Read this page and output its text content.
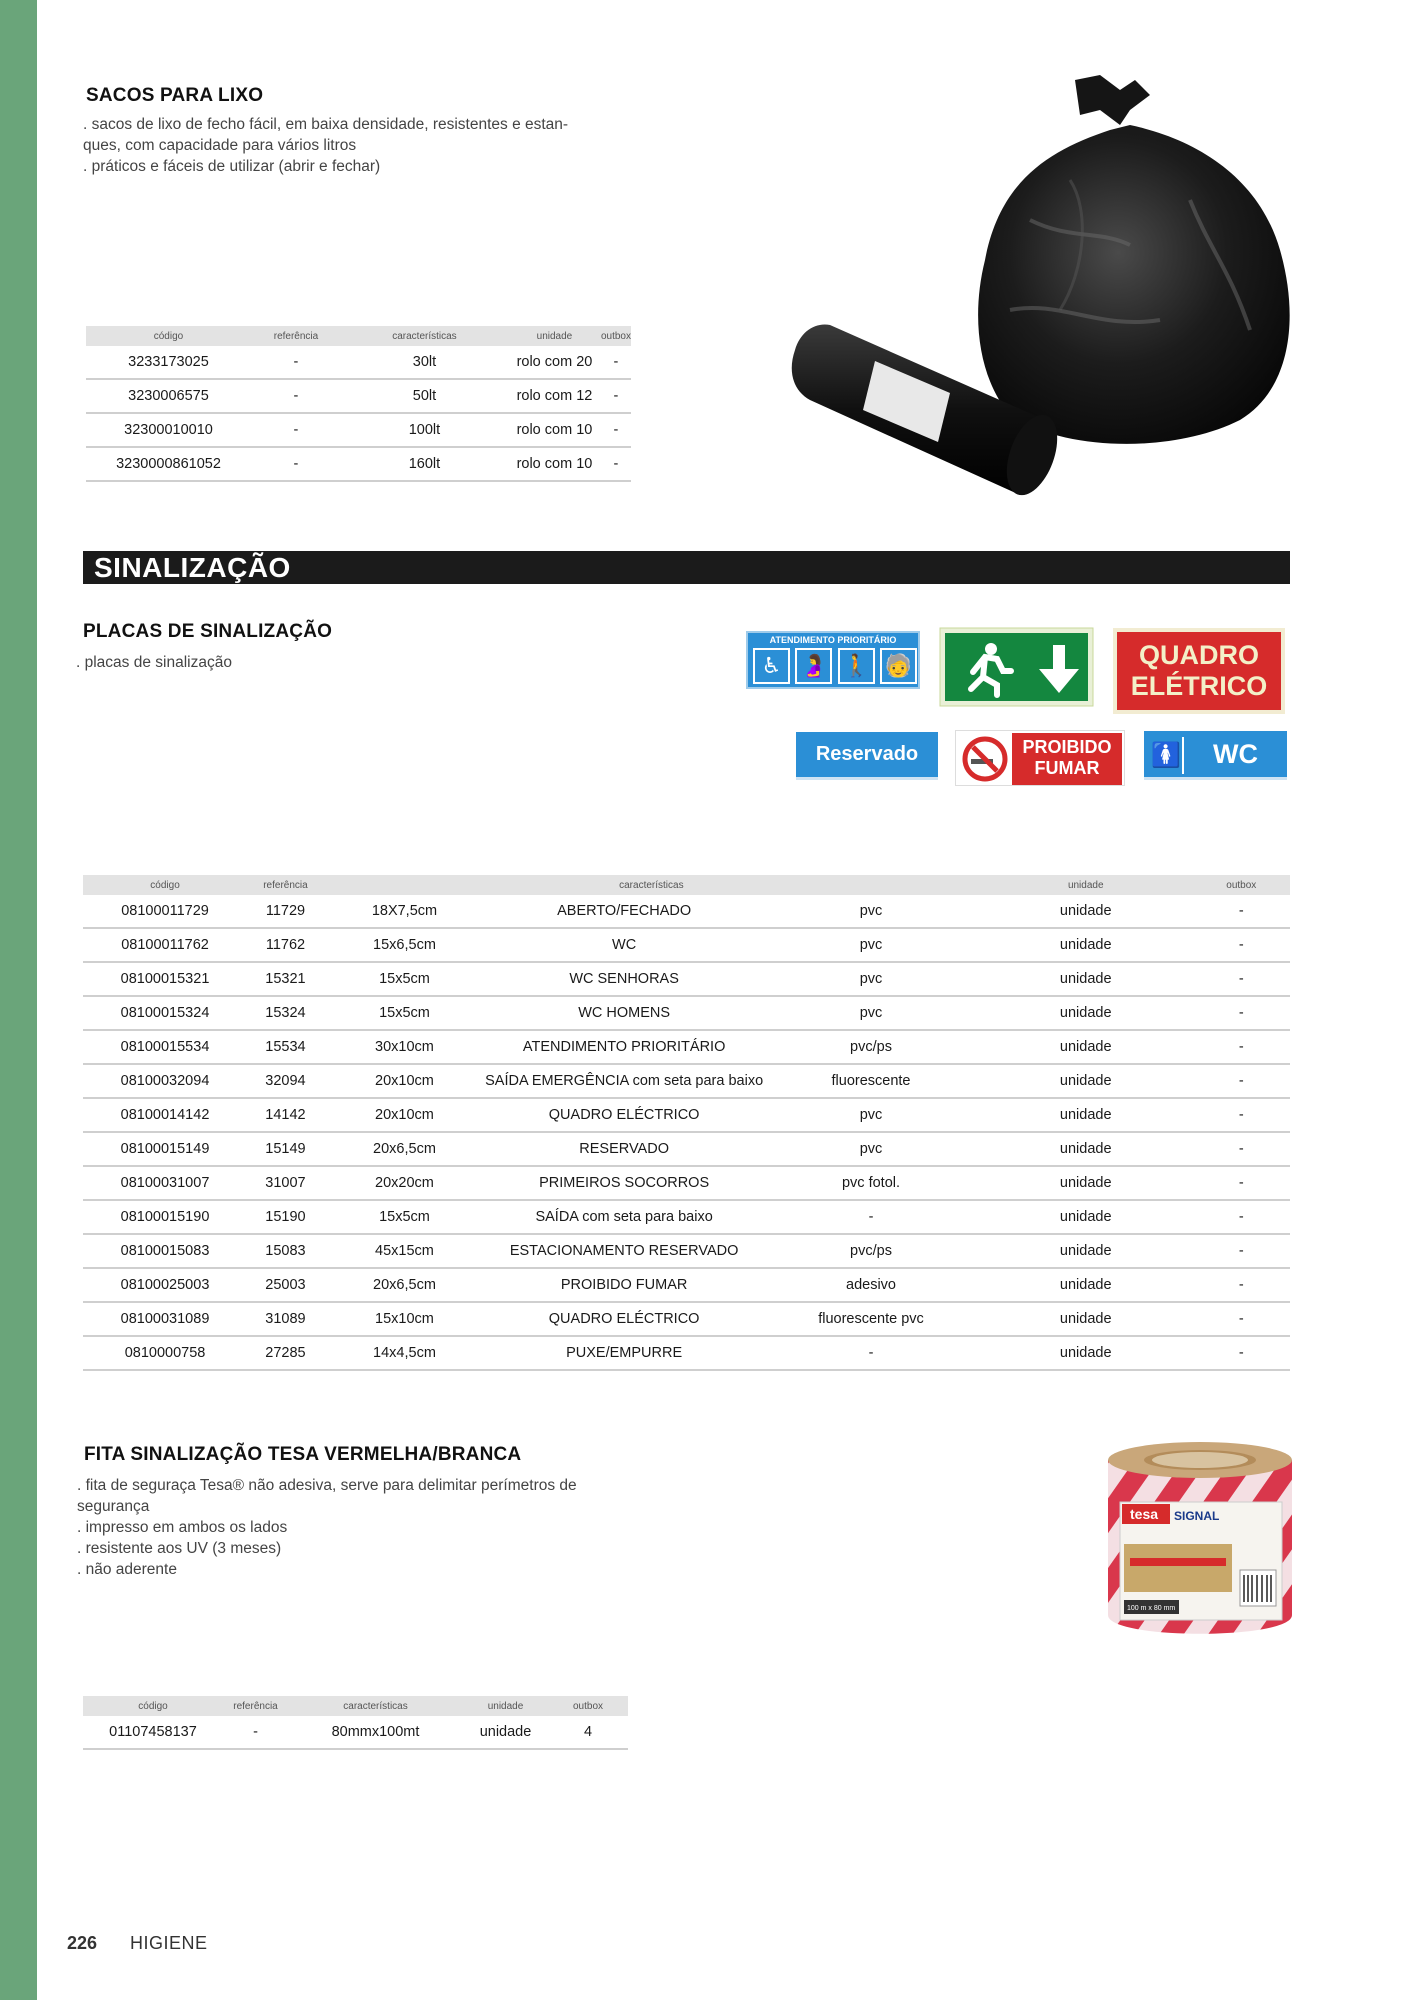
SACOS PARA LIXO
. sacos de lixo de fecho fácil, em baixa densidade, resistentes e estan-
ques, com capacidade para vários litros
. práticos e fáceis de utilizar (abrir e fechar)
código	referência	características	unidade	outbox
3233173025	-	30lt	rolo com 20	-
3230006575	-	50lt	rolo com 12	-
32300010010	-	100lt	rolo com 10	-
3230000861052	-	160lt	rolo com 10	-
SINALIZAÇÃO
PLACAS DE SINALIZAÇÃO
. placas de sinalização
ATENDIMENTO PRIORITÁRIO
♿ 🤰 🚶 🧓	QUADRO
ELÉTRICO
Reservado	PROIBIDO
FUMAR	🚺	WC
código	referência	características			unidade	outbox
08100011729	11729	18X7,5cm	ABERTO/FECHADO	pvc	unidade	-
08100011762	11762	15x6,5cm	WC	pvc	unidade	-
08100015321	15321	15x5cm	WC SENHORAS	pvc	unidade	-
08100015324	15324	15x5cm	WC HOMENS	pvc	unidade	-
08100015534	15534	30x10cm	ATENDIMENTO PRIORITÁRIO	pvc/ps	unidade	-
08100032094	32094	20x10cm	SAÍDA EMERGÊNCIA com seta para baixo	fluorescente	unidade	-
08100014142	14142	20x10cm	QUADRO ELÉCTRICO	pvc	unidade	-
08100015149	15149	20x6,5cm	RESERVADO	pvc	unidade	-
08100031007	31007	20x20cm	PRIMEIROS SOCORROS	pvc fotol.	unidade	-
08100015190	15190	15x5cm	SAÍDA com seta para baixo	-	unidade	-
08100015083	15083	45x15cm	ESTACIONAMENTO RESERVADO	pvc/ps	unidade	-
08100025003	25003	20x6,5cm	PROIBIDO FUMAR	adesivo	unidade	-
08100031089	31089	15x10cm	QUADRO ELÉCTRICO	fluorescente pvc	unidade	-
0810000758	27285	14x4,5cm	PUXE/EMPURRE	-	unidade	-
FITA SINALIZAÇÃO TESA VERMELHA/BRANCA
. fita de seguraça Tesa® não adesiva, serve para delimitar perímetros de
segurança
. impresso em ambos os lados
. resistente aos UV (3 meses)
. não aderente
tesa SIGNAL
100 m x 80 mm
código	referência	características	unidade	outbox
01107458137	-	80mmx100mt	unidade	4
226 HIGIENE
